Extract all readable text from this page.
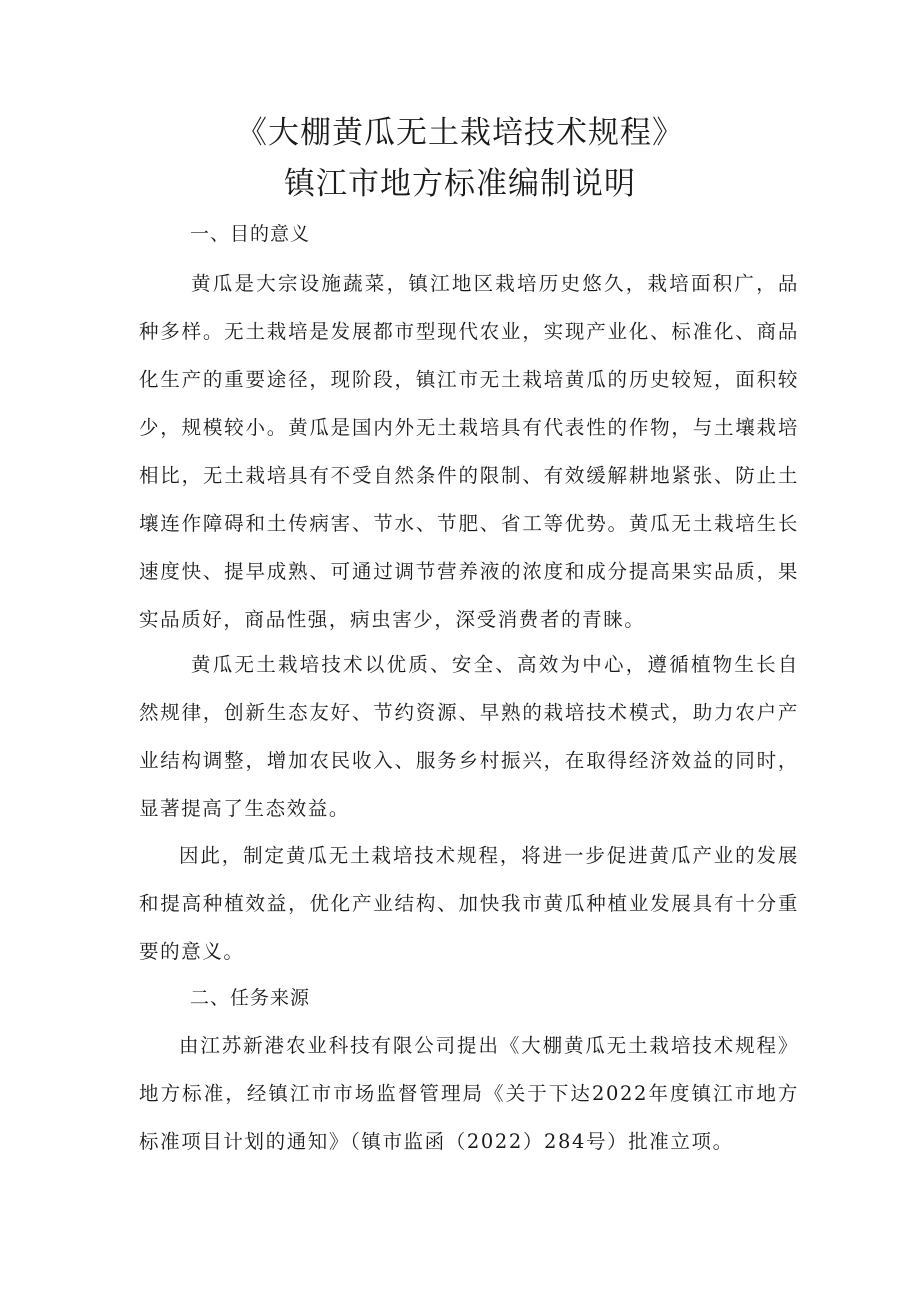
《大棚黄瓜无土栽培技术规程》
镇江市地方标准编制说明

一、目的意义

黄瓜是大宗设施蔬菜，镇江地区栽培历史悠久，栽培面积广，品种多样。无土栽培是发展都市型现代农业，实现产业化、标准化、商品化生产的重要途径，现阶段，镇江市无土栽培黄瓜的历史较短，面积较少，规模较小。黄瓜是国内外无土栽培具有代表性的作物，与土壤栽培相比，无土栽培具有不受自然条件的限制、有效缓解耕地紧张、防止土壤连作障碍和土传病害、节水、节肥、省工等优势。黄瓜无土栽培生长速度快、提早成熟、可通过调节营养液的浓度和成分提高果实品质，果实品质好，商品性强，病虫害少，深受消费者的青睐。

黄瓜无土栽培技术以优质、安全、高效为中心，遵循植物生长自然规律，创新生态友好、节约资源、早熟的栽培技术模式，助力农户产业结构调整，增加农民收入、服务乡村振兴，在取得经济效益的同时，显著提高了生态效益。

因此，制定黄瓜无土栽培技术规程，将进一步促进黄瓜产业的发展和提高种植效益，优化产业结构、加快我市黄瓜种植业发展具有十分重要的意义。

二、任务来源

由江苏新港农业科技有限公司提出《大棚黄瓜无土栽培技术规程》地方标准，经镇江市市场监督管理局《关于下达2022年度镇江市地方标准项目计划的通知》（镇市监函（2022）284号）批准立项。
